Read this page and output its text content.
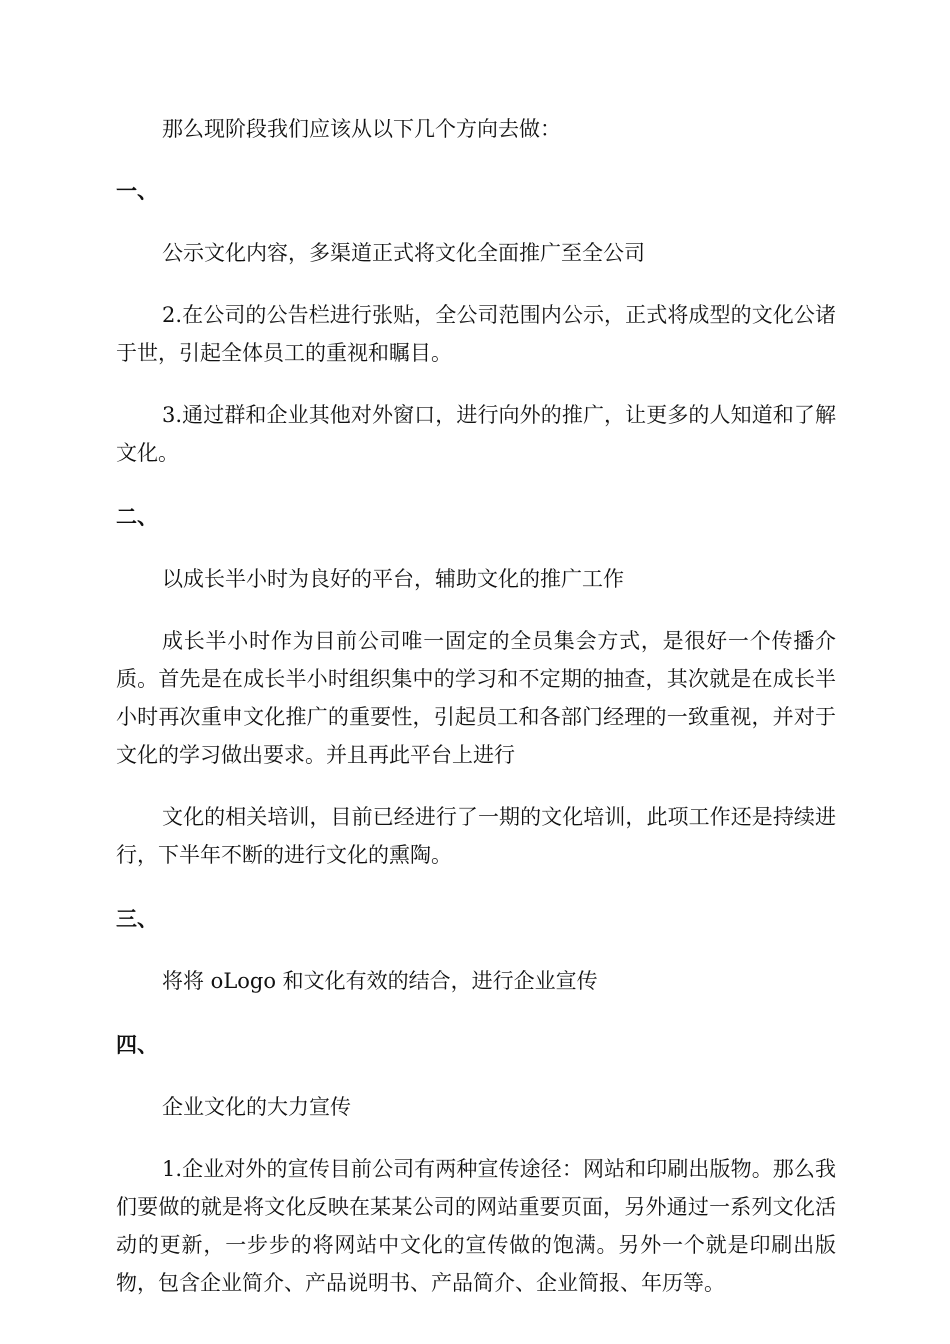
那么现阶段我们应该从以下几个方向去做：

一、

公示文化内容，多渠道正式将文化全面推广至全公司

2.在公司的公告栏进行张贴，全公司范围内公示，正式将成型的文化公诸于世，引起全体员工的重视和瞩目。

3.通过群和企业其他对外窗口，进行向外的推广，让更多的人知道和了解文化。

二、

以成长半小时为良好的平台，辅助文化的推广工作

成长半小时作为目前公司唯一固定的全员集会方式，是很好一个传播介质。首先是在成长半小时组织集中的学习和不定期的抽查，其次就是在成长半小时再次重申文化推广的重要性，引起员工和各部门经理的一致重视，并对于文化的学习做出要求。并且再此平台上进行

文化的相关培训，目前已经进行了一期的文化培训，此项工作还是持续进行，下半年不断的进行文化的熏陶。

三、

将将 oLogo 和文化有效的结合，进行企业宣传

四、

企业文化的大力宣传

1.企业对外的宣传目前公司有两种宣传途径：网站和印刷出版物。那么我们要做的就是将文化反映在某某公司的网站重要页面，另外通过一系列文化活动的更新，一步步的将网站中文化的宣传做的饱满。另外一个就是印刷出版物，包含企业简介、产品说明书、产品简介、企业简报、年历等。
